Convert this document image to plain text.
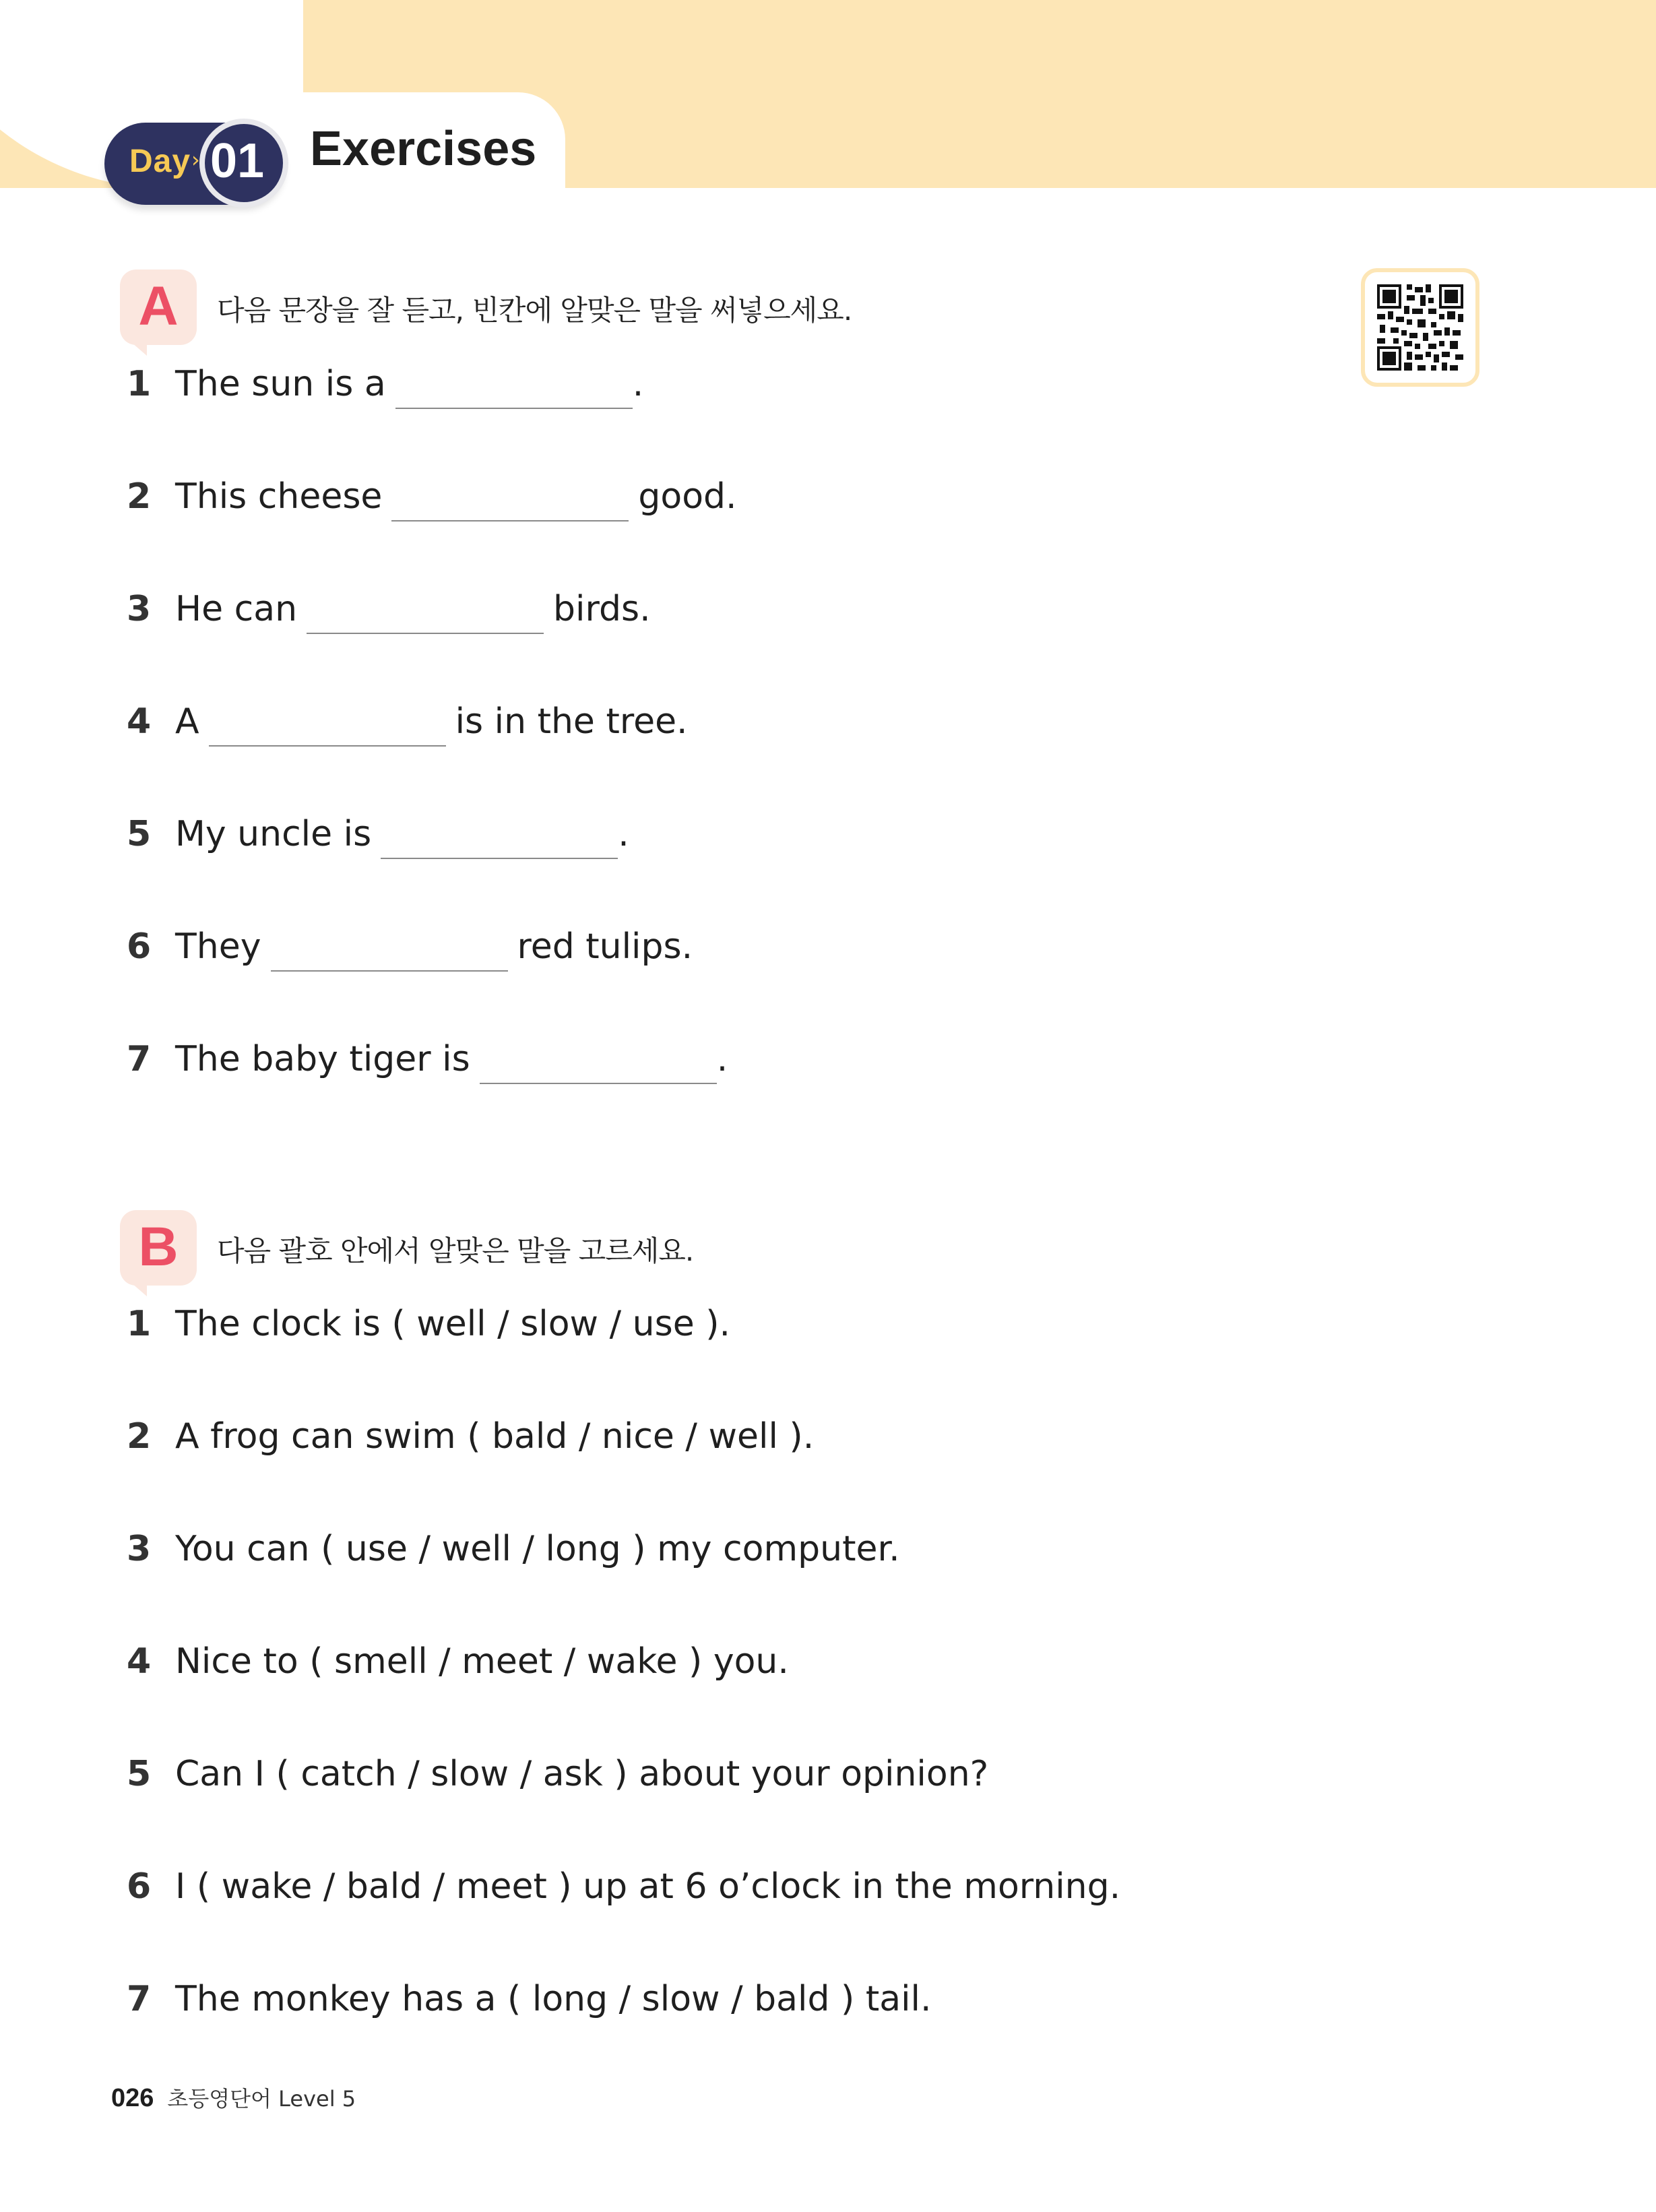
Day › 01 Exercises
A	다음 문장을 잘 듣고, 빈칸에 알맞은 말을 써넣으세요.
1 The sun is a	.
2 This cheese	good.
3 He can	birds.
4 A	is in the tree.
5 My uncle is	.
6 They	red tulips.
7 The baby tiger is	.
B	다음 괄호 안에서 알맞은 말을 고르세요.
1 The clock is ( well / slow / use ).
2 A frog can swim ( bald / nice / well ).
3 You can ( use / well / long ) my computer.
4 Nice to ( smell / meet / wake ) you.
5 Can I ( catch / slow / ask ) about your opinion?
6 I ( wake / bald / meet ) up at 6 o’clock in the morning.
7 The monkey has a ( long / slow / bald ) tail.
026 초등영단어 Level 5
